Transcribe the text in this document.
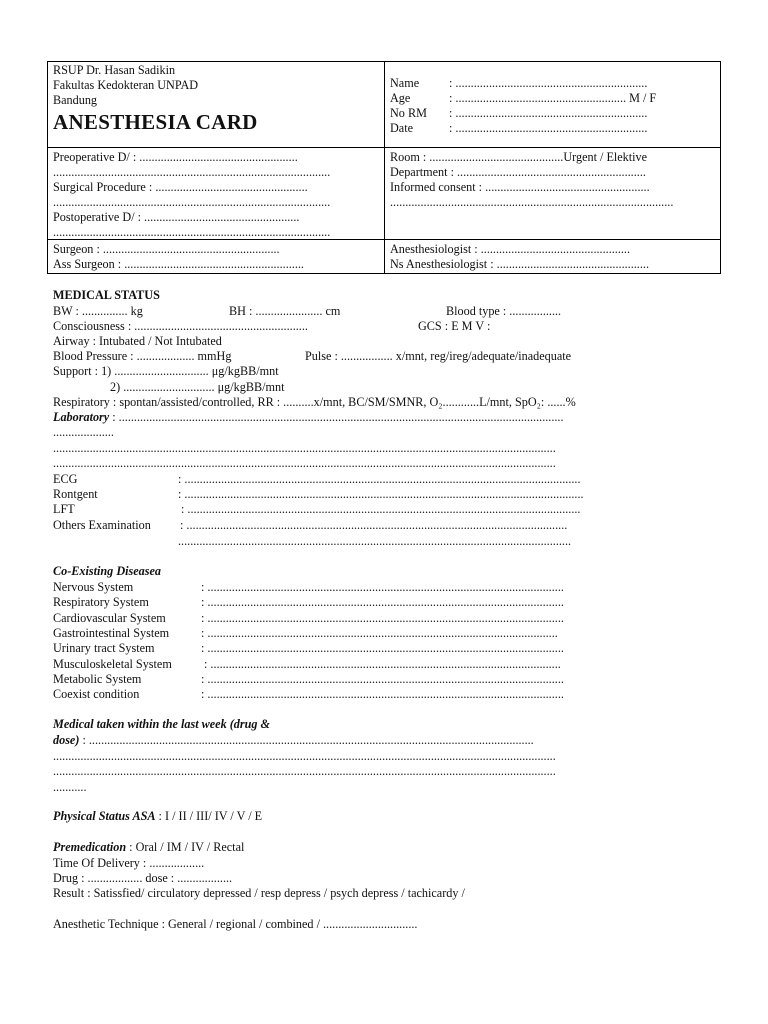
RSUP Dr. Hasan Sadikin
Fakultas Kedokteran UNPAD
Bandung
ANESTHESIA CARD
Name : ...............................................................
Age	: ........................................................ M / F
No RM : ...............................................................
Date	: ...............................................................
Preoperative D/ : ....................................................
...........................................................................................
Surgical Procedure : ..................................................
...........................................................................................
Postoperative D/ : ...................................................
...........................................................................................
Room : ............................................Urgent / Elektive
Department : ..............................................................
Informed consent : ......................................................
.............................................................................................
Surgeon : ..........................................................
Ass Surgeon : ...........................................................
Anesthesiologist : .................................................
Ns Anesthesiologist : ..................................................
MEDICAL STATUS
BW : ............... kg	BH : ...................... cm	Blood type : .................
Consciousness : .........................................................	GCS : E M V :
Airway : Intubated / Not Intubated
Blood Pressure : ................... mmHg	Pulse : ................. x/mnt, reg/ireg/adequate/inadequate
Support : 1) ............................... μg/kgBB/mnt
2) .............................. μg/kgBB/mnt
Respiratory : spontan/assisted/controlled, RR : ..........x/mnt, BC/SM/SMNR, O₂............L/mnt, SpO₂: ......%
Laboratory : ..................................................................................................................................................
....................
.....................................................................................................................................................................
.....................................................................................................................................................................
ECG	: ..................................................................................................................................
Rontgent	: ...................................................................................................................................
LFT	: .................................................................................................................................
Others Examination : .............................................................................................................................
.................................................................................................................................
Co-Existing Diseasea
Nervous System	: .....................................................................................................................
Respiratory System	: .....................................................................................................................
Cardiovascular System	: .....................................................................................................................
Gastrointestinal System	: ...................................................................................................................
Urinary tract System	: .....................................................................................................................
Musculoskeletal System	: ...................................................................................................................
Metabolic System	: .....................................................................................................................
Coexist condition	: .....................................................................................................................
Medical taken within the last week (drug &
dose) : ..................................................................................................................................................
.....................................................................................................................................................................
.....................................................................................................................................................................
...........
Physical Status ASA : I / II / III/ IV / V / E
Premedication : Oral / IM / IV / Rectal
Time Of Delivery : ..................
Drug : .................. dose : ..................
Result : Satissfied/ circulatory depressed / resp depress / psych depress / tachicardy /
Anesthetic Technique : General / regional / combined / ...............................
